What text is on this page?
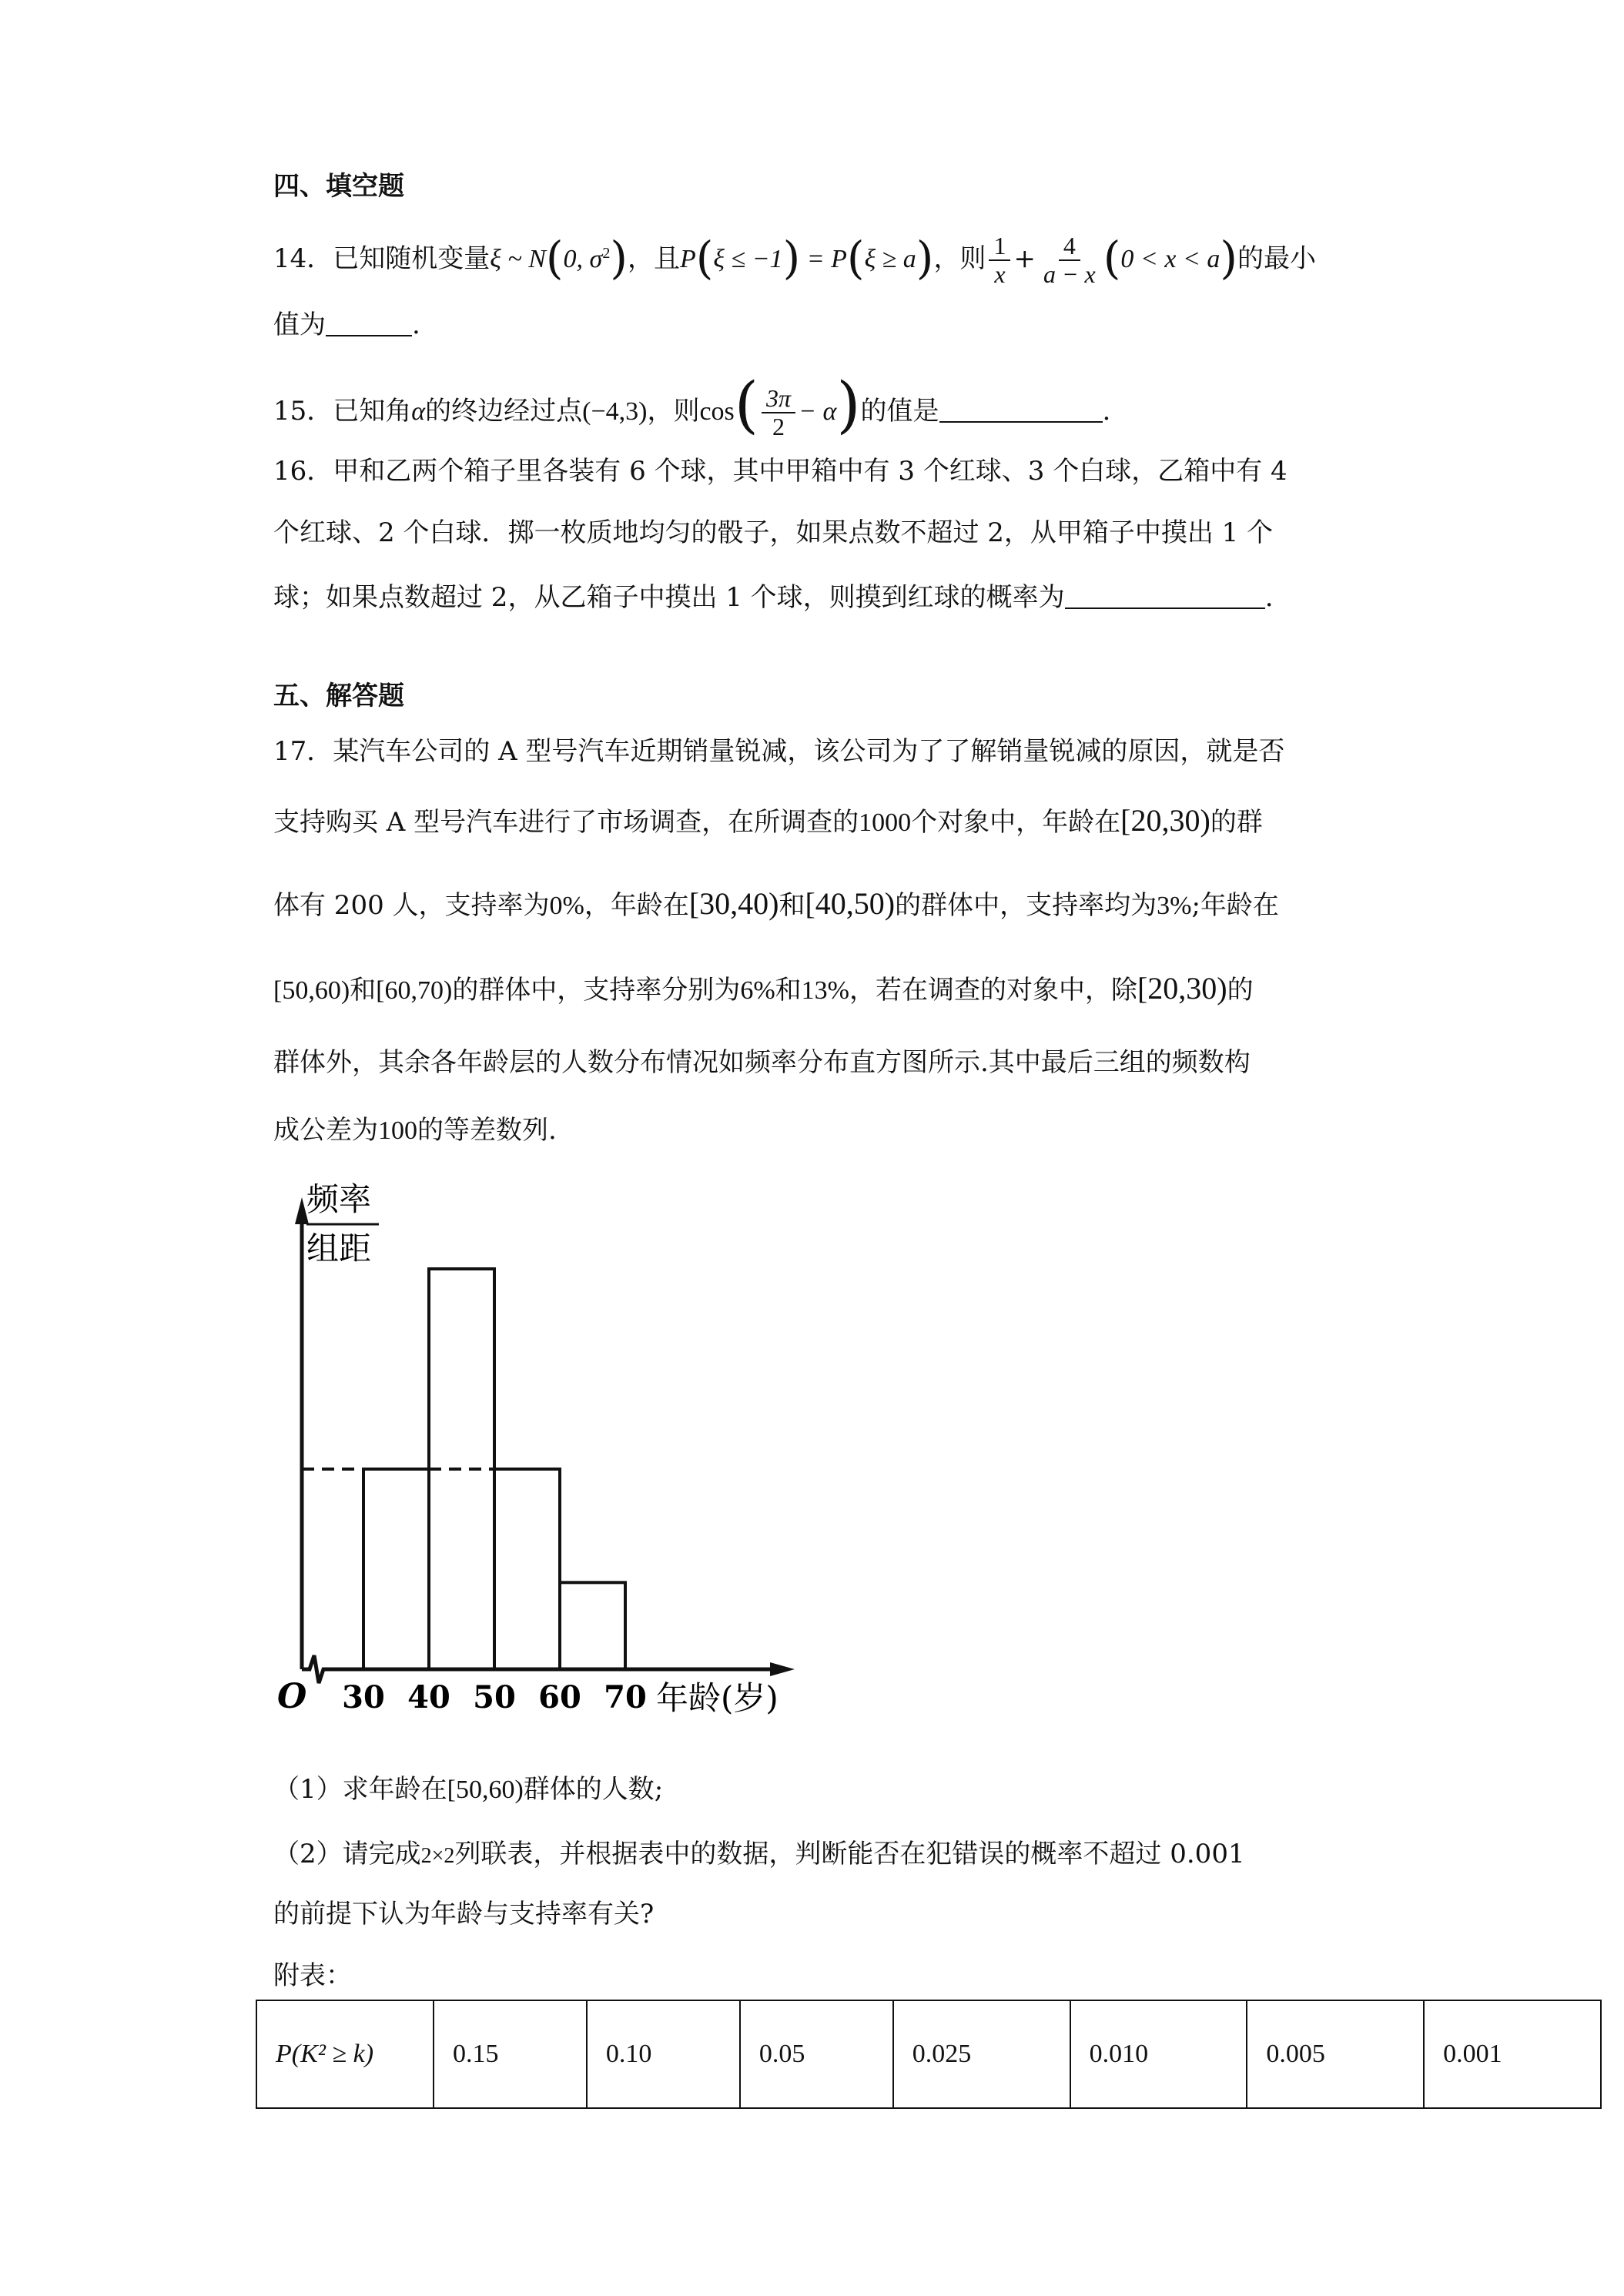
四、填空题
14．已知随机变量ξ ~ N(0, $\sigma^2$)，且P(ξ ≤ −1) = P(ξ ≥ a)，则 $\frac{1}{x} + \frac{4}{a - x} (0 < x < a)$的最小
值为	.
15．已知角α的终边经过点(−4,3)，则$\cos( \frac{3\pi}{2} - \alpha)$的值是	.
16．甲和乙两个箱子里各装有 6 个球，其中甲箱中有 3 个红球、3 个白球，乙箱中有 4
个红球、2 个白球．掷一枚质地均匀的骰子，如果点数不超过 2，从甲箱子中摸出 1 个
球；如果点数超过 2，从乙箱子中摸出 1 个球，则摸到红球的概率为	.
五、解答题
17．某汽车公司的 A 型号汽车近期销量锐减，该公司为了了解销量锐减的原因，就是否
支持购买 A 型号汽车进行了市场调查，在所调查的1000个对象中，年龄在[20,30)的群
体有 200 人，支持率为0%，年龄在[30,40)和[40,50)的群体中，支持率均为3%;年龄在
[50,60)和[60,70)的群体中，支持率分别为6%和13%，若在调查的对象中，除[20,30)的
群体外，其余各年龄层的人数分布情况如频率分布直方图所示.其中最后三组的频数构
成公差为100的等差数列.
频率
组距
O 30 40 50 60 70 年龄(岁)
（1）求年龄在[50,60)群体的人数;
（2）请完成2×2列联表，并根据表中的数据，判断能否在犯错误的概率不超过 0.001
的前提下认为年龄与支持率有关?
附表：
P(K² ≥ k)	0.15	0.10	0.05	0.025	0.010	0.005	0.001
